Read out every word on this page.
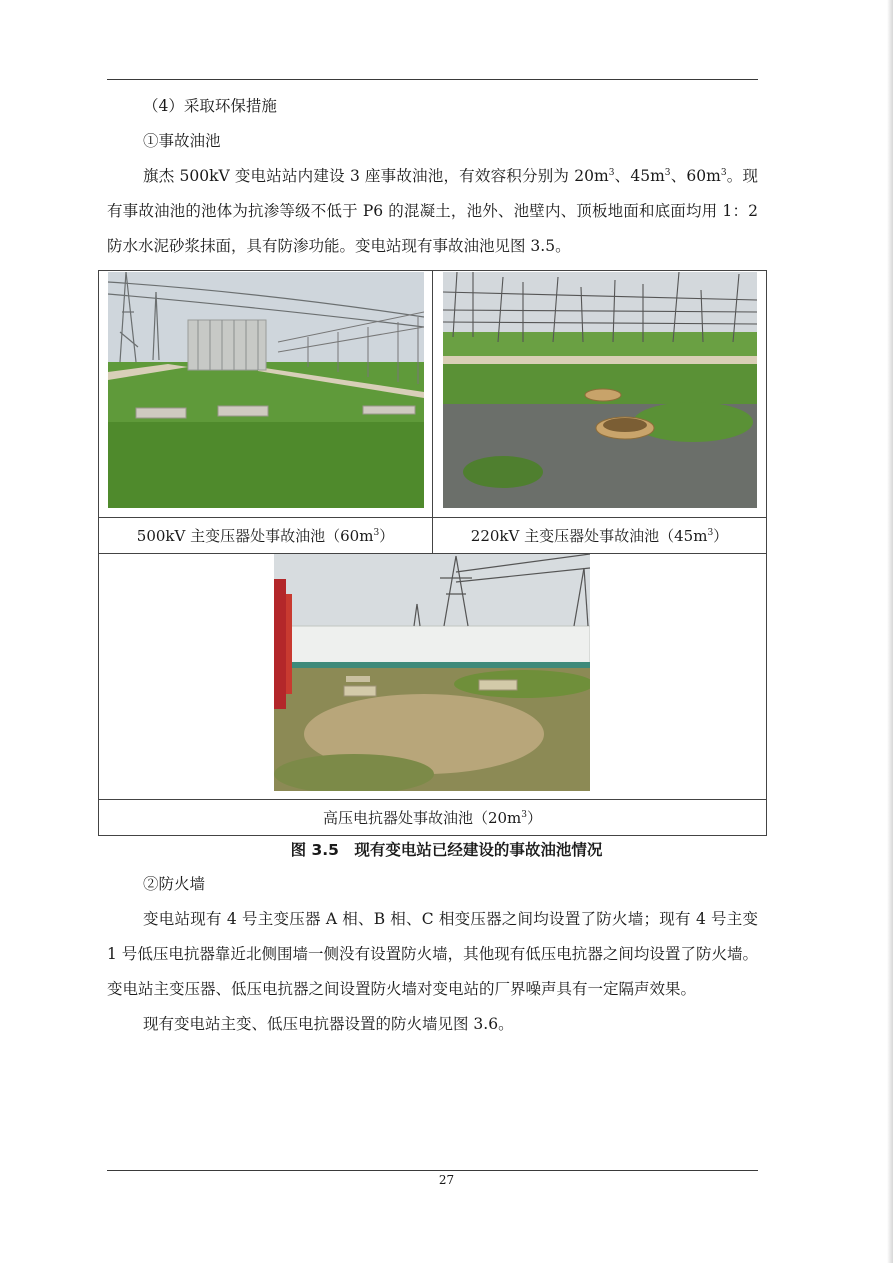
（4）采取环保措施

①事故油池

旗杰 500kV 变电站站内建设 3 座事故油池，有效容积分别为 $20m^3$、$45m^3$、$60m^3$。现有事故油池的池体为抗渗等级不低于 P6 的混凝土，池外、池壁内、顶板地面和底面均用 1：2 防水水泥砂浆抹面，具有防渗功能。变电站现有事故油池见图 3.5。

500kV 主变压器处事故油池$(60m^3)$	220kV 主变压器处事故油池$(45m^3)$

高压电抗器处事故油池$(20m^3)$	
图 3.5　现有变电站已经建设的事故油池情况

②防火墙

变电站现有 4 号主变压器 A 相、B 相、C 相变压器之间均设置了防火墙；现有 4 号主变 1 号低压电抗器靠近北侧围墙一侧没有设置防火墙，其他现有低压电抗器之间均设置了防火墙。变电站主变压器、低压电抗器之间设置防火墙对变电站的厂界噪声具有一定隔声效果。

现有变电站主变、低压电抗器设置的防火墙见图 3.6。

27
